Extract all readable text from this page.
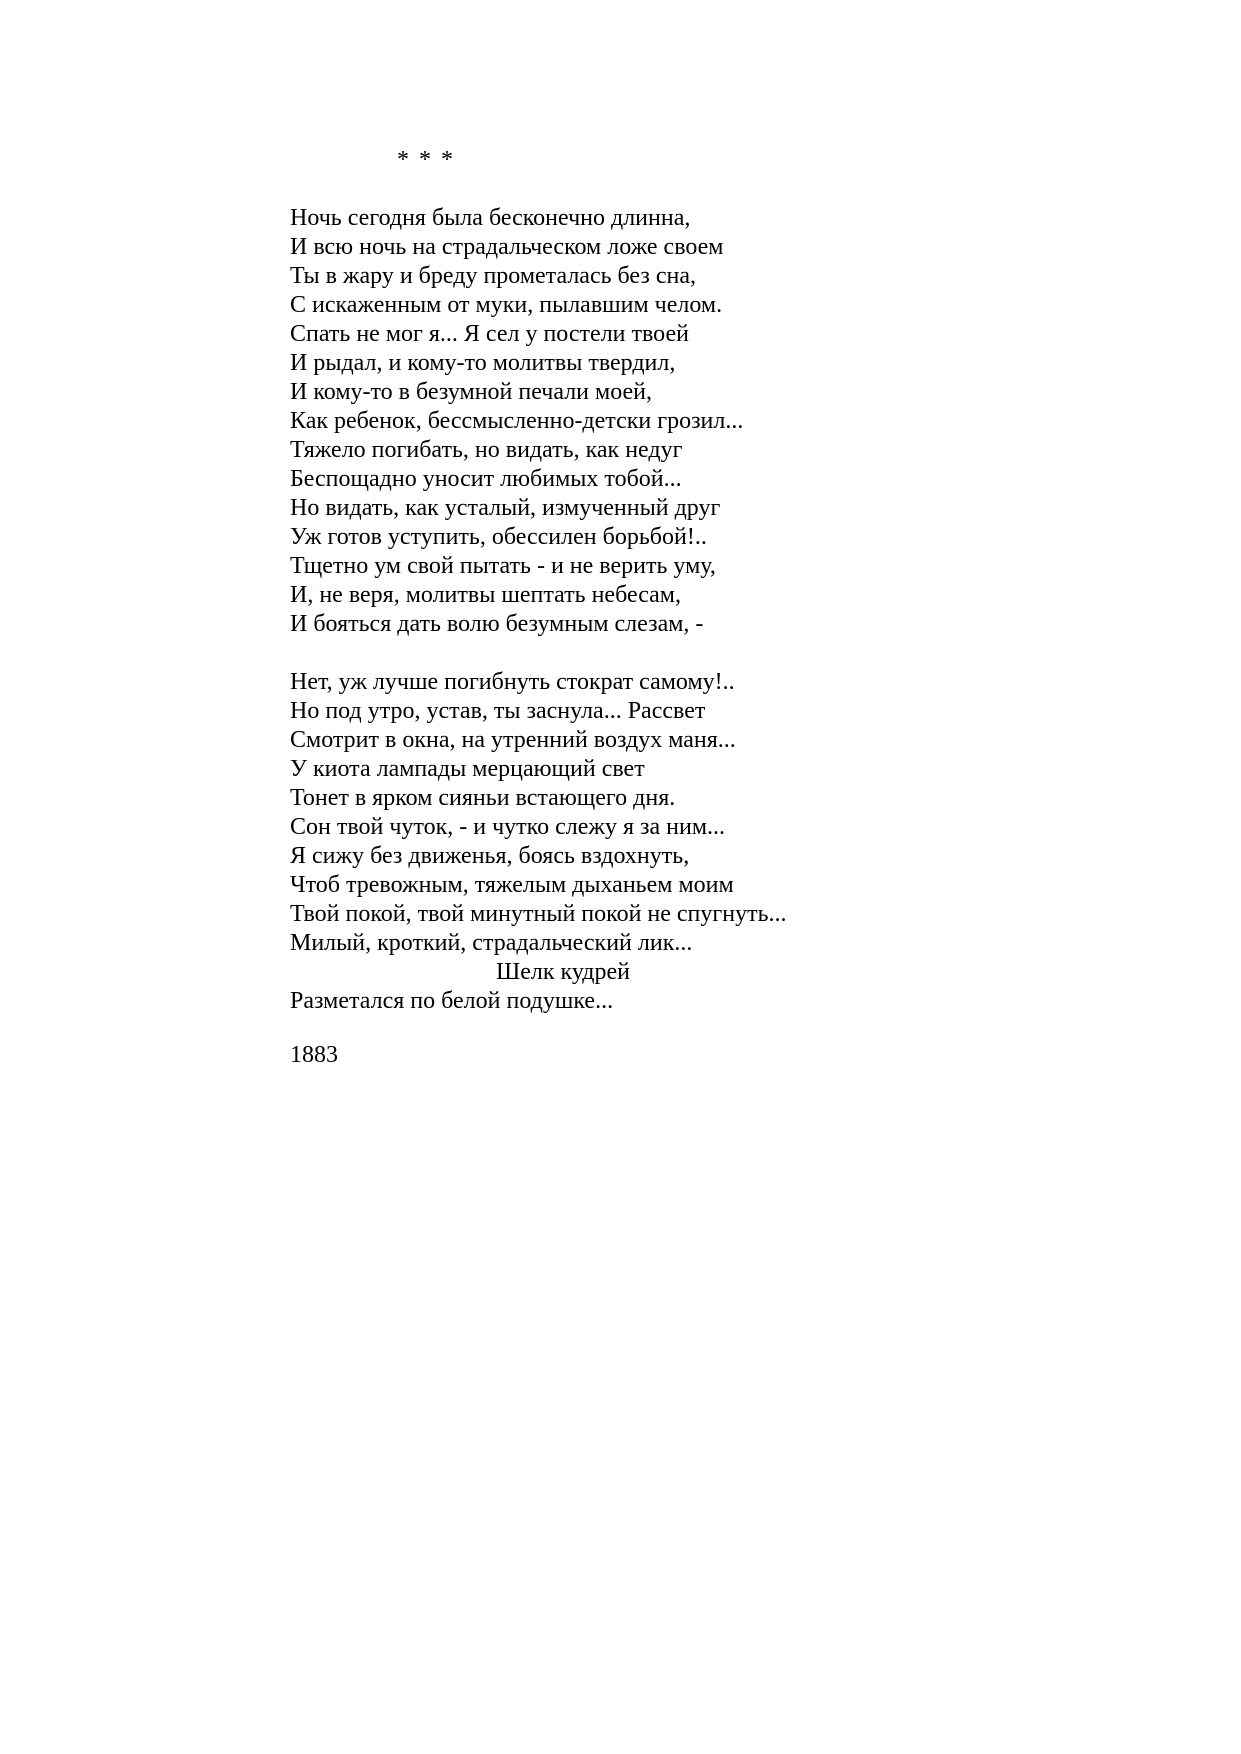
* * *

Ночь сегодня была бесконечно длинна,
И всю ночь на страдальческом ложе своем
Ты в жару и бреду прометалась без сна,
С искаженным от муки, пылавшим челом.
Спать не мог я... Я сел у постели твоей
И рыдал, и кому-то молитвы твердил,
И кому-то в безумной печали моей,
Как ребенок, бессмысленно-детски грозил...
Тяжело погибать, но видать, как недуг
Беспощадно уносит любимых тобой...
Но видать, как усталый, измученный друг
Уж готов уступить, обессилен борьбой!..
Тщетно ум свой пытать - и не верить уму,
И, не веря, молитвы шептать небесам,
И бояться дать волю безумным слезам, -
Нет, уж лучше погибнуть стократ самому!..
Но под утро, устав, ты заснула... Рассвет
Смотрит в окна, на утренний воздух маня...
У киота лампады мерцающий свет
Тонет в ярком сияньи встающего дня.
Сон твой чуток, - и чутко слежу я за ним...
Я сижу без движенья, боясь вздохнуть,
Чтоб тревожным, тяжелым дыханьем моим
Твой покой, твой минутный покой не спугнуть...
Милый, кроткий, страдальческий лик...
Шелк кудрей
Разметался по белой подушке...

1883
